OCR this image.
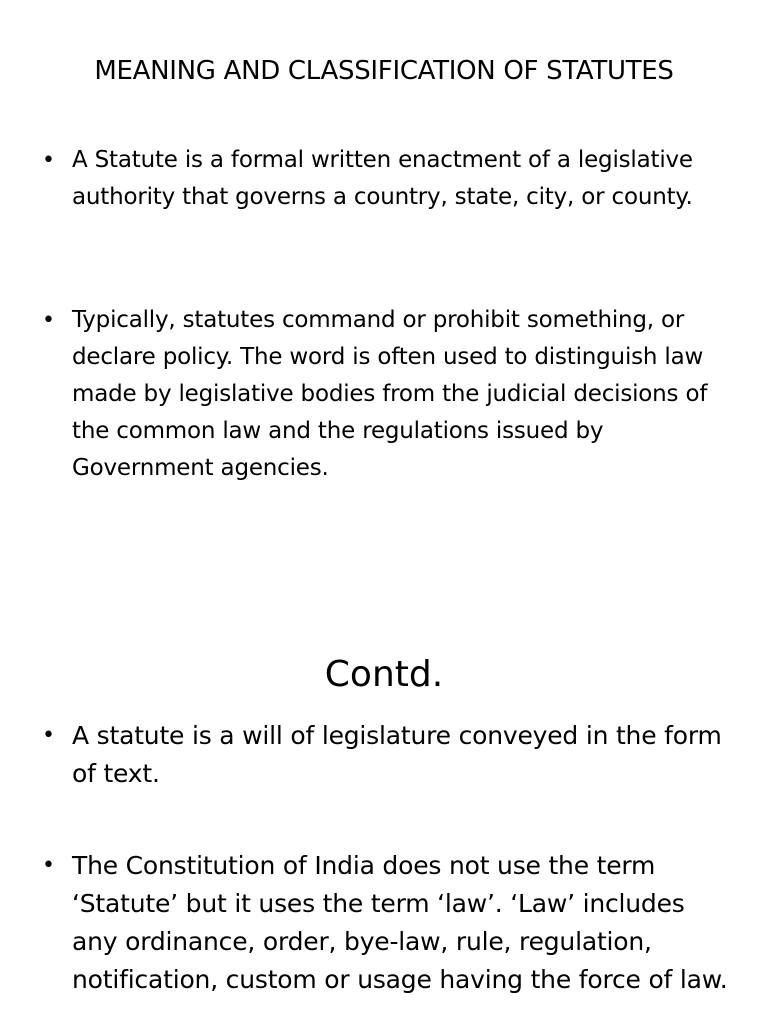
MEANING AND CLASSIFICATION OF STATUTES
• A Statute is a formal written enactment of a legislative authority that governs a country, state, city, or county.
• Typically, statutes command or prohibit something, or declare policy. The word is often used to distinguish law made by legislative bodies from the judicial decisions of the common law and the regulations issued by Government agencies.
Contd.
• A statute is a will of legislature conveyed in the form of text.
• The Constitution of India does not use the term ‘Statute’ but it uses the term ‘law’. ‘Law’ includes any ordinance, order, bye-law, rule, regulation, notification, custom or usage having the force of law.
